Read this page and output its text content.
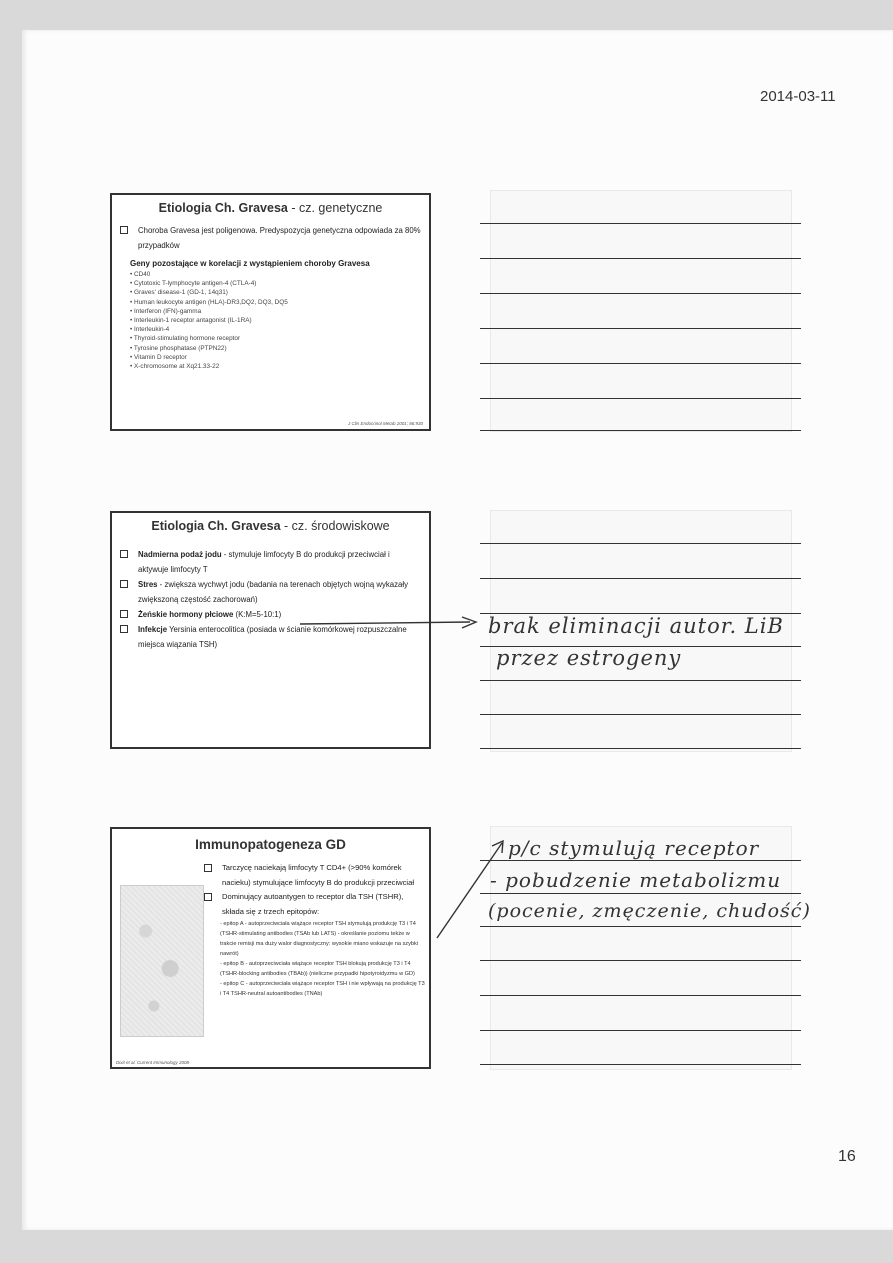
2014-03-11
Etiologia Ch. Gravesa - cz. genetyczne
Choroba Gravesa jest poligenowa. Predyspozycja genetyczna odpowiada za 80% przypadków
Geny pozostające w korelacji z wystąpieniem choroby Gravesa
• CD40
• Cytotoxic T-lymphocyte antigen-4 (CTLA-4)
• Graves' disease-1 (GD-1, 14q31)
• Human leukocyte antigen (HLA)-DR3,DQ2, DQ3, DQ5
• Interferon (IFN)-gamma
• Interleukin-1 receptor antagonist (IL-1RA)
• Interleukin-4
• Thyroid-stimulating hormone receptor
• Tyrosine phosphatase (PTPN22)
• Vitamin D receptor
• X-chromosome at Xq21.33-22
J Clin Endocrinol Metab 2001; 86:930
Etiologia Ch. Gravesa - cz. środowiskowe
Nadmierna podaż jodu - stymuluje limfocyty B do produkcji przeciwciał i aktywuje limfocyty T
Stres - zwiększa wychwyt jodu (badania na terenach objętych wojną wykazały zwiększoną częstość zachorowań)
Żeńskie hormony płciowe (K:M=5-10:1)
Infekcje Yersinia enterocolitica (posiada w ścianie komórkowej rozpuszczalne miejsca wiązania TSH)
Immunopatogeneza GD
Tarczycę naciekają limfocyty T CD4+ (>90% komórek nacieku) stymulujące limfocyty B do produkcji przeciwciał
Dominujący autoantygen to receptor dla TSH (TSHR), składa się z trzech epitopów:
- epitop A - autoprzeciwciała wiążące receptor TSH stymulują produkcję T3 i T4 (TSHR-stimulating antibodies (TSAb lub LATS) - określanie poziomu tekże w trakcie remisji ma duży walor diagnostyczny: wysokie miano wskazuje na szybki nawrót)
- epitop B - autoprzeciwciała wiążące receptor TSH blokują produkcję T3 i T4 (TSHR-blocking antibodies (TBAb)) (nieliczne przypadki hipotyroidyzmu w GD)
- epitop C - autoprzeciwciała wiążące receptor TSH i nie wpływają na produkcję T3 i T4 TSHR-neutral autoantibodies (TNAb)
Dixit et al. Current Immunology 2008
brak eliminacji autor. LiB
przez estrogeny
p/c stymulują receptor
- pobudzenie metabolizmu
(pocenie, zmęczenie, chudość)
16
